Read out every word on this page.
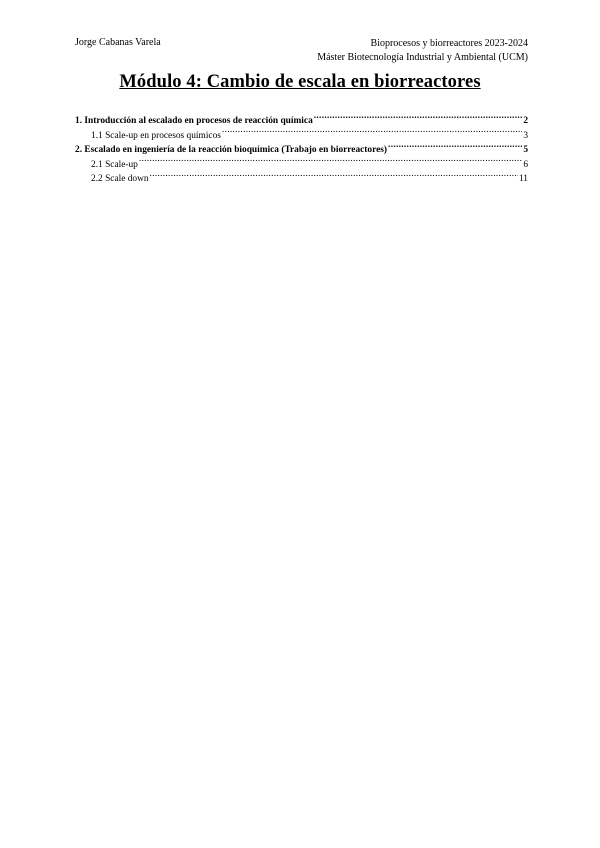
Jorge Cabanas Varela	Bioprocesos y biorreactores 2023-2024
Máster Biotecnología Industrial y Ambiental (UCM)
Módulo 4: Cambio de escala en biorreactores
1. Introducción al escalado en procesos de reacción química .....	2
1.1 Scale-up en procesos químicos .....	3
2. Escalado en ingeniería de la reacción bioquímica (Trabajo en biorreactores) .....	5
2.1 Scale-up .....	6
2.2 Scale down .....	11
